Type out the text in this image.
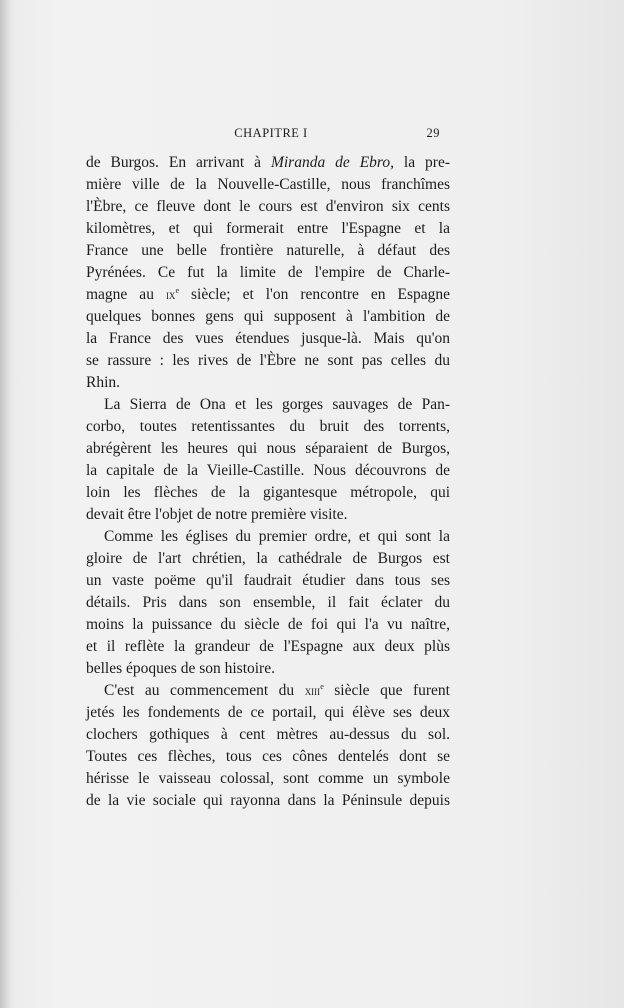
CHAPITRE I	29
de Burgos. En arrivant à Miranda de Ebro, la pre-
mière ville de la Nouvelle-Castille, nous franchîmes
l'Èbre, ce fleuve dont le cours est d'environ six cents
kilomètres, et qui formerait entre l'Espagne et la
France une belle frontière naturelle, à défaut des
Pyrénées. Ce fut la limite de l'empire de Charle-
magne au $ix^e$ siècle; et l'on rencontre en Espagne
quelques bonnes gens qui supposent à l'ambition de
la France des vues étendues jusque-là. Mais qu'on
se rassure : les rives de l'Èbre ne sont pas celles du
Rhin.
La Sierra de Ona et les gorges sauvages de Pan-
corbo, toutes retentissantes du bruit des torrents,
abrégèrent les heures qui nous séparaient de Burgos,
la capitale de la Vieille-Castille. Nous découvrons de
loin les flèches de la gigantesque métropole, qui
devait être l'objet de notre première visite.
Comme les églises du premier ordre, et qui sont la
gloire de l'art chrétien, la cathédrale de Burgos est
un vaste poëme qu'il faudrait étudier dans tous ses
détails. Pris dans son ensemble, il fait éclater du
moins la puissance du siècle de foi qui l'a vu naître,
et il reflète la grandeur de l'Espagne aux deux plùs
belles époques de son histoire.
C'est au commencement du xiii$^e$ siècle que furent
jetés les fondements de ce portail, qui élève ses deux
clochers gothiques à cent mètres au-dessus du sol.
Toutes ces flèches, tous ces cônes dentelés dont se
hérisse le vaisseau colossal, sont comme un symbole
de la vie sociale qui rayonna dans la Péninsule depuis
